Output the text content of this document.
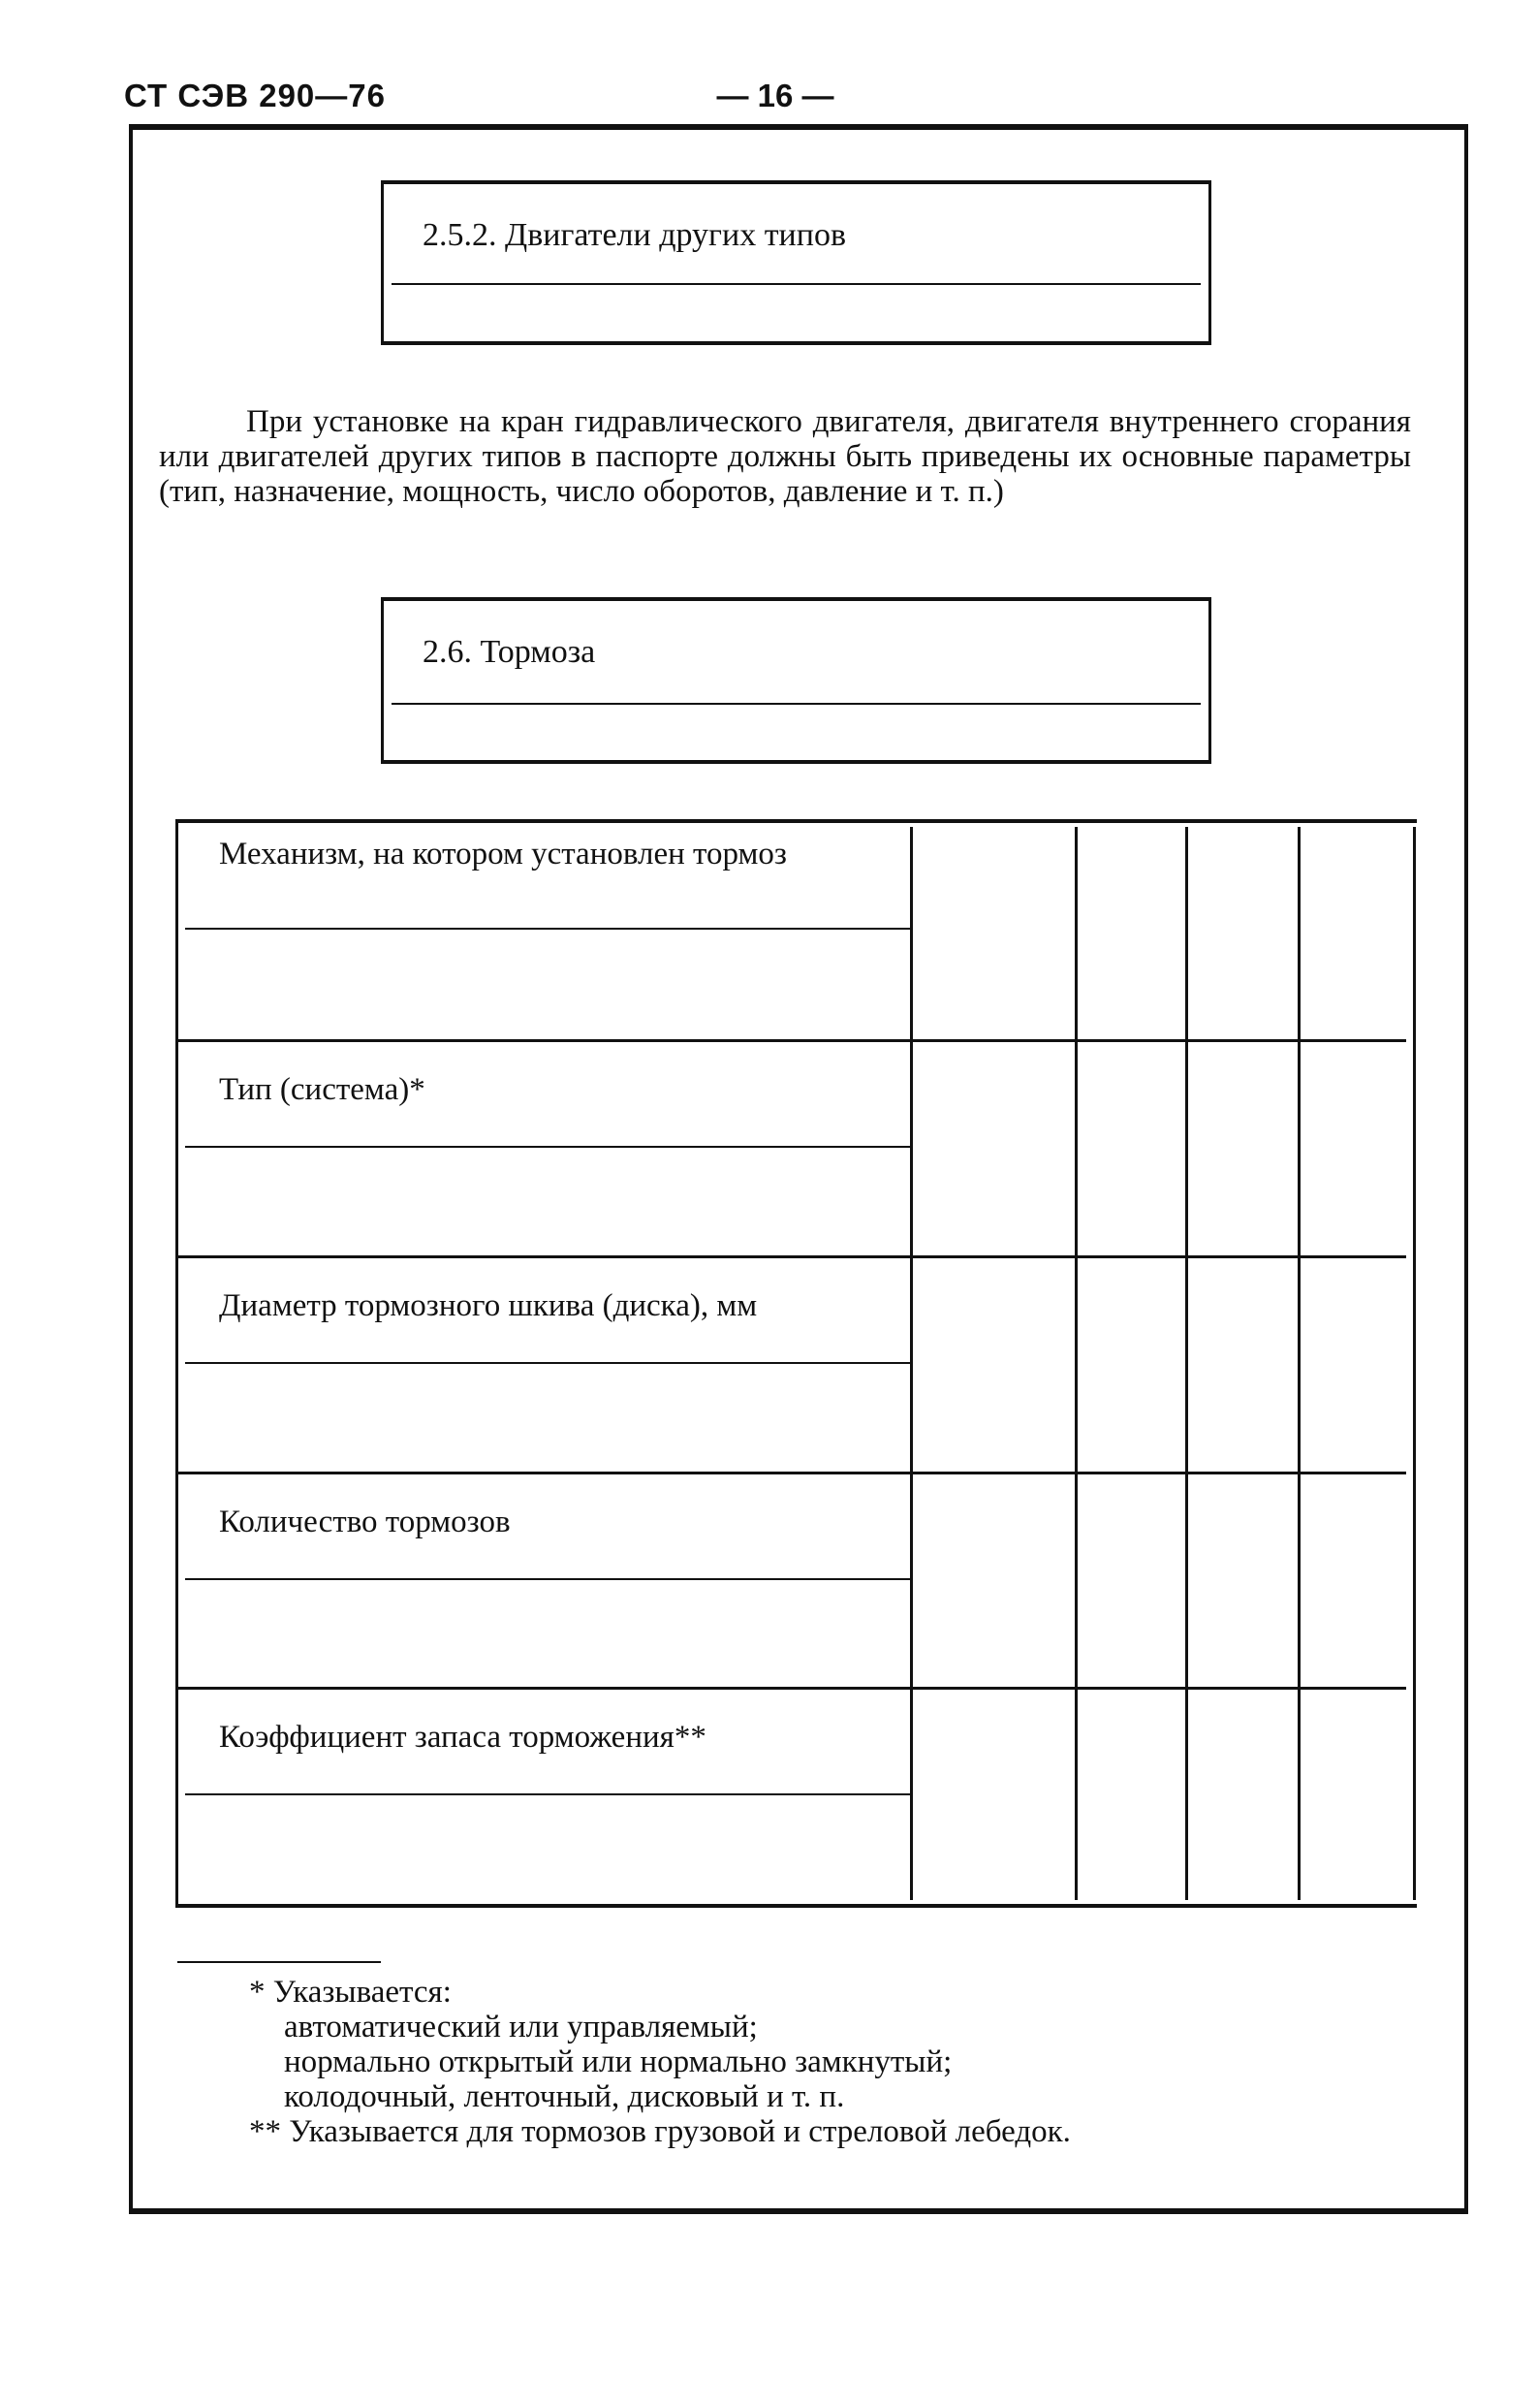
СТ СЭВ 290—76	— 16 —
2.5.2. Двигатели других типов
При установке на кран гидравлического двигателя, двигателя внутреннего сгорания или двигателей других типов в паспорте должны быть приведены их основные параметры (тип, назначение, мощность, число оборотов, давление и т. п.)
2.6. Тормоза
Механизм, на котором установлен тормоз
Тип (система)*
Диаметр тормозного шкива (диска), мм
Количество тормозов
Коэффициент запаса торможения**
* Указывается:
автоматический или управляемый;
нормально открытый или нормально замкнутый;
колодочный, ленточный, дисковый и т. п.
** Указывается для тормозов грузовой и стреловой лебедок.
